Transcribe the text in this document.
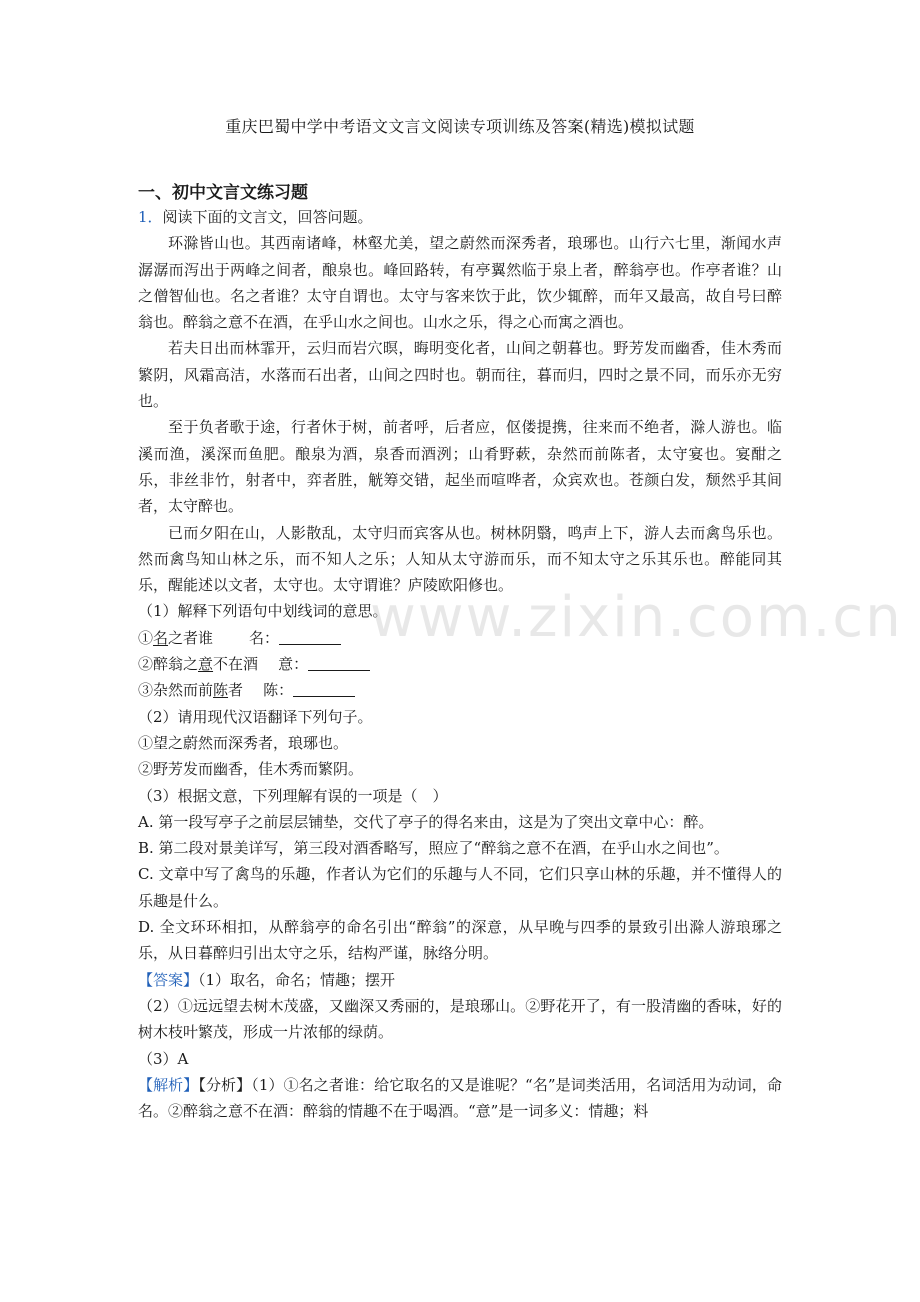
重庆巴蜀中学中考语文文言文阅读专项训练及答案(精选)模拟试题
一、初中文言文练习题

1．阅读下面的文言文，回答问题。

环滁皆山也。其西南诸峰，林壑尤美，望之蔚然而深秀者，琅琊也。山行六七里，渐闻水声潺潺而泻出于两峰之间者，酿泉也。峰回路转，有亭翼然临于泉上者，醉翁亭也。作亭者谁？山之僧智仙也。名之者谁？太守自谓也。太守与客来饮于此，饮少辄醉，而年又最高，故自号曰醉翁也。醉翁之意不在酒，在乎山水之间也。山水之乐，得之心而寓之酒也。

若夫日出而林霏开，云归而岩穴暝，晦明变化者，山间之朝暮也。野芳发而幽香，佳木秀而繁阴，风霜高洁，水落而石出者，山间之四时也。朝而往，暮而归，四时之景不同，而乐亦无穷也。

至于负者歌于途，行者休于树，前者呼，后者应，伛偻提携，往来而不绝者，滁人游也。临溪而渔，溪深而鱼肥。酿泉为酒，泉香而酒洌；山肴野蔌，杂然而前陈者，太守宴也。宴酣之乐，非丝非竹，射者中，弈者胜，觥筹交错，起坐而喧哗者，众宾欢也。苍颜白发，颓然乎其间者，太守醉也。

已而夕阳在山，人影散乱，太守归而宾客从也。树林阴翳，鸣声上下，游人去而禽鸟乐也。然而禽鸟知山林之乐，而不知人之乐；人知从太守游而乐，而不知太守之乐其乐也。醉能同其乐，醒能述以文者，太守也。太守谓谁？庐陵欧阳修也。

（1）解释下列语句中划线词的意思。

①名之者谁 名：

②醉翁之意不在酒 意：

③杂然而前陈者 陈：

（2）请用现代汉语翻译下列句子。

①望之蔚然而深秀者，琅琊也。

②野芳发而幽香，佳木秀而繁阴。

（3）根据文意，下列理解有误的一项是（　）

A. 第一段写亭子之前层层铺垫，交代了亭子的得名来由，这是为了突出文章中心：醉。

B. 第二段对景美详写，第三段对酒香略写，照应了“醉翁之意不在酒，在乎山水之间也”。

C. 文章中写了禽鸟的乐趣，作者认为它们的乐趣与人不同，它们只享山林的乐趣，并不懂得人的乐趣是什么。

D. 全文环环相扣，从醉翁亭的命名引出“醉翁”的深意，从早晚与四季的景致引出滁人游琅琊之乐，从日暮醉归引出太守之乐，结构严谨，脉络分明。

【答案】（1）取名，命名；情趣；摆开

（2）①远远望去树木茂盛，又幽深又秀丽的，是琅琊山。②野花开了，有一股清幽的香味，好的树木枝叶繁茂，形成一片浓郁的绿荫。

（3）A

【解析】【分析】（1）①名之者谁：给它取名的又是谁呢？“名”是词类活用，名词活用为动词，命名。②醉翁之意不在酒：醉翁的情趣不在于喝酒。“意”是一词多义：情趣；料

www.zixin.com.cn
